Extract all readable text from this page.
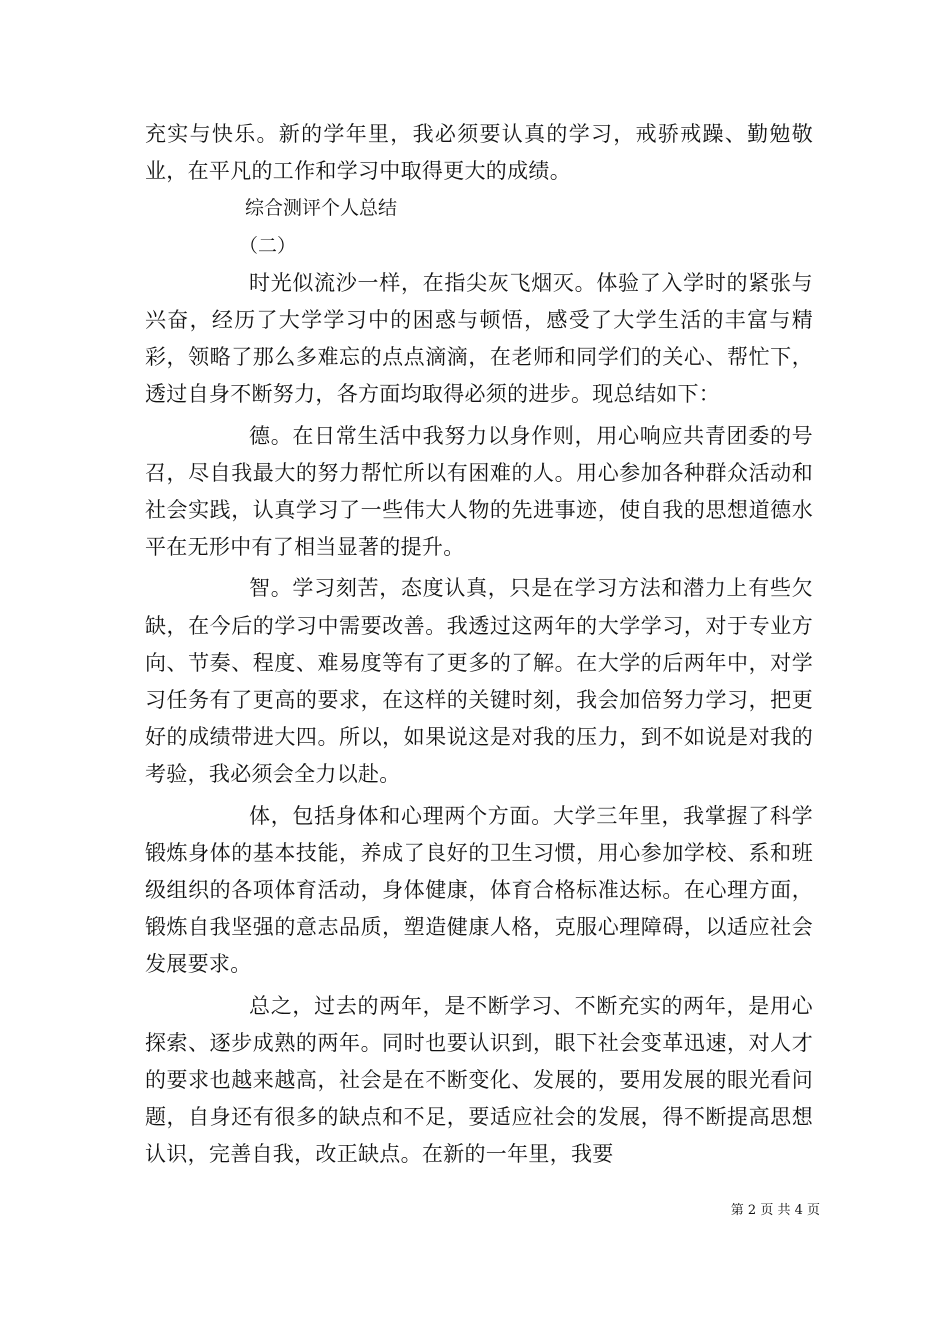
充实与快乐。新的学年里，我必须要认真的学习，戒骄戒躁、勤勉敬业，在平凡的工作和学习中取得更大的成绩。

综合测评个人总结

（二）

时光似流沙一样，在指尖灰飞烟灭。体验了入学时的紧张与兴奋，经历了大学学习中的困惑与顿悟，感受了大学生活的丰富与精彩，领略了那么多难忘的点点滴滴，在老师和同学们的关心、帮忙下，透过自身不断努力，各方面均取得必须的进步。现总结如下：

德。在日常生活中我努力以身作则，用心响应共青团委的号召，尽自我最大的努力帮忙所以有困难的人。用心参加各种群众活动和社会实践，认真学习了一些伟大人物的先进事迹，使自我的思想道德水平在无形中有了相当显著的提升。

智。学习刻苦，态度认真，只是在学习方法和潜力上有些欠缺，在今后的学习中需要改善。我透过这两年的大学学习，对于专业方向、节奏、程度、难易度等有了更多的了解。在大学的后两年中，对学习任务有了更高的要求，在这样的关键时刻，我会加倍努力学习，把更好的成绩带进大四。所以，如果说这是对我的压力，到不如说是对我的考验，我必须会全力以赴。

体，包括身体和心理两个方面。大学三年里，我掌握了科学锻炼身体的基本技能，养成了良好的卫生习惯，用心参加学校、系和班级组织的各项体育活动，身体健康，体育合格标准达标。在心理方面，锻炼自我坚强的意志品质，塑造健康人格，克服心理障碍，以适应社会发展要求。

总之，过去的两年，是不断学习、不断充实的两年，是用心探索、逐步成熟的两年。同时也要认识到，眼下社会变革迅速，对人才的要求也越来越高，社会是在不断变化、发展的，要用发展的眼光看问题，自身还有很多的缺点和不足，要适应社会的发展，得不断提高思想认识，完善自我，改正缺点。在新的一年里，我要

第 2 页 共 4 页
